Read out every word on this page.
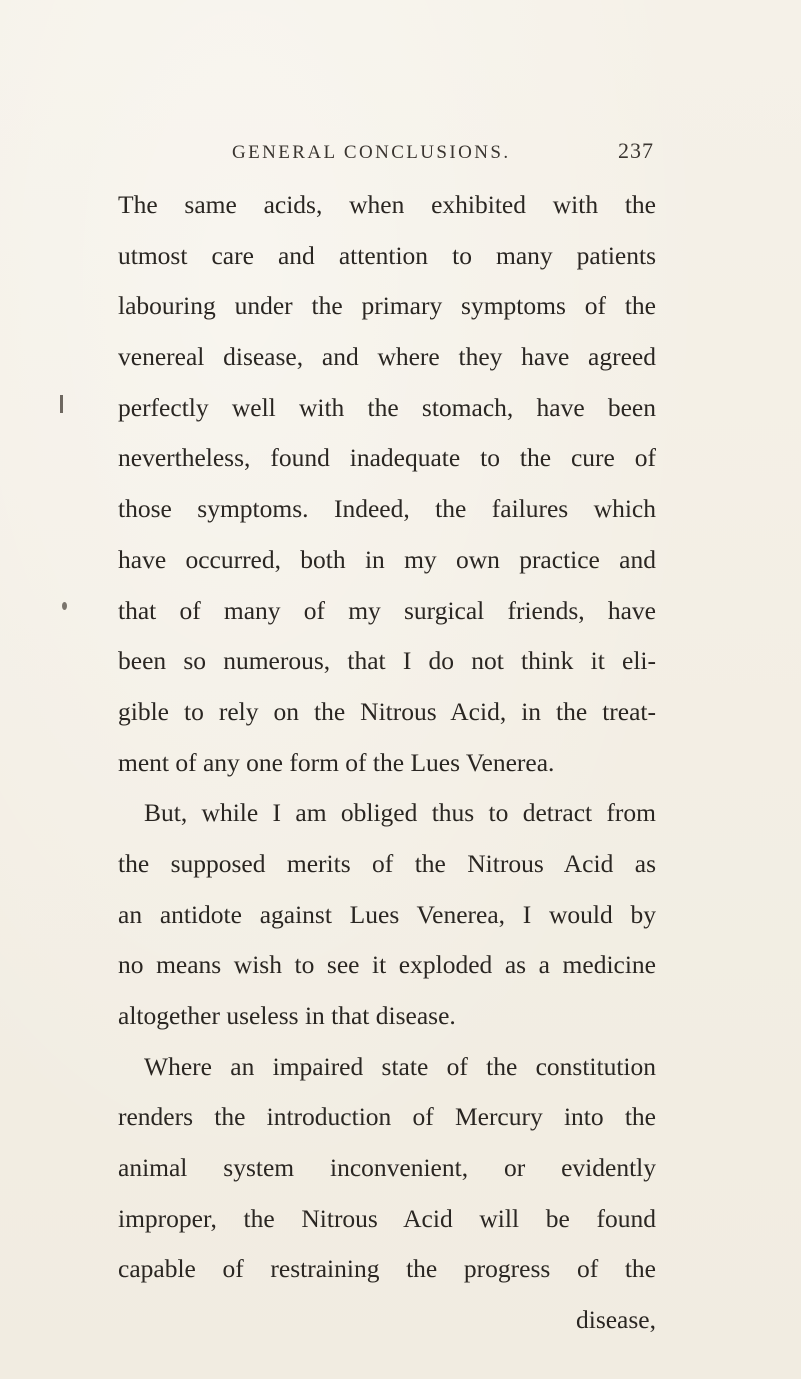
GENERAL CONCLUSIONS.	237
The same acids, when exhibited with the
utmost care and attention to many patients
labouring under the primary symptoms of the
venereal disease, and where they have agreed
perfectly well with the stomach, have been
nevertheless, found inadequate to the cure of
those symptoms. Indeed, the failures which
have occurred, both in my own practice and
that of many of my surgical friends, have
been so numerous, that I do not think it eli-
gible to rely on the Nitrous Acid, in the treat-
ment of any one form of the Lues Venerea.
But, while I am obliged thus to detract from
the supposed merits of the Nitrous Acid as
an antidote against Lues Venerea, I would by
no means wish to see it exploded as a medicine
altogether useless in that disease.
Where an impaired state of the constitution
renders the introduction of Mercury into the
animal system inconvenient, or evidently
improper, the Nitrous Acid will be found
capable of restraining the progress of the
disease,
